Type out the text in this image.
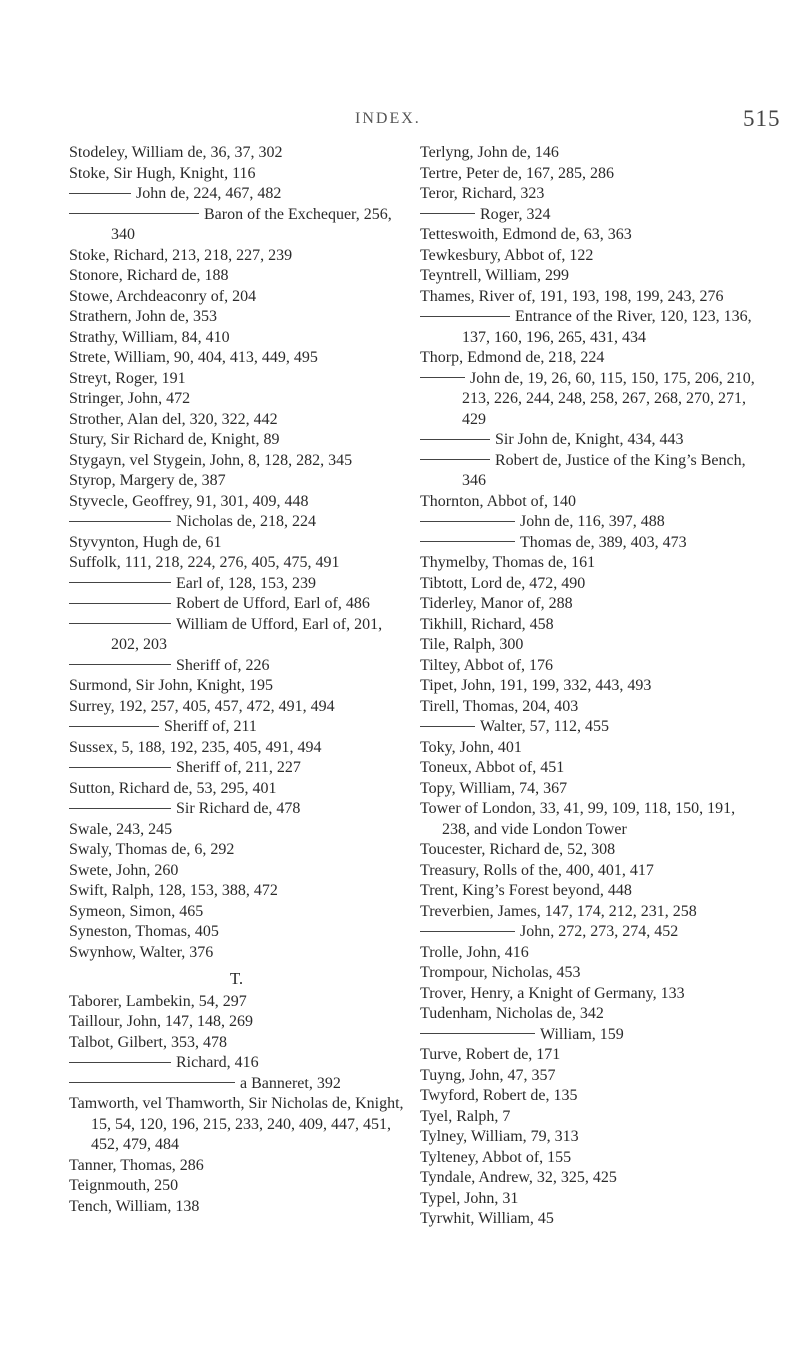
INDEX.	515
Stodeley, William de, 36, 37, 302
Stoke, Sir Hugh, Knight, 116
John de, 224, 467, 482
Baron of the Exchequer, 256, 340
Stoke, Richard, 213, 218, 227, 239
Stonore, Richard de, 188
Stowe, Archdeaconry of, 204
Strathern, John de, 353
Strathy, William, 84, 410
Strete, William, 90, 404, 413, 449, 495
Streyt, Roger, 191
Stringer, John, 472
Strother, Alan del, 320, 322, 442
Stury, Sir Richard de, Knight, 89
Stygayn, vel Stygein, John, 8, 128, 282, 345
Styrop, Margery de, 387
Styvecle, Geoffrey, 91, 301, 409, 448
Nicholas de, 218, 224
Styvynton, Hugh de, 61
Suffolk, 111, 218, 224, 276, 405, 475, 491
Earl of, 128, 153, 239
Robert de Ufford, Earl of, 486
William de Ufford, Earl of, 201, 202, 203
Sheriff of, 226
Surmond, Sir John, Knight, 195
Surrey, 192, 257, 405, 457, 472, 491, 494
Sheriff of, 211
Sussex, 5, 188, 192, 235, 405, 491, 494
Sheriff of, 211, 227
Sutton, Richard de, 53, 295, 401
Sir Richard de, 478
Swale, 243, 245
Swaly, Thomas de, 6, 292
Swete, John, 260
Swift, Ralph, 128, 153, 388, 472
Symeon, Simon, 465
Syneston, Thomas, 405
Swynhow, Walter, 376
T.
Taborer, Lambekin, 54, 297
Taillour, John, 147, 148, 269
Talbot, Gilbert, 353, 478
Richard, 416
a Banneret, 392
Tamworth, vel Thamworth, Sir Nicholas de, Knight, 15, 54, 120, 196, 215, 233, 240, 409, 447, 451, 452, 479, 484
Tanner, Thomas, 286
Teignmouth, 250
Tench, William, 138
Terlyng, John de, 146
Tertre, Peter de, 167, 285, 286
Teror, Richard, 323
Roger, 324
Tetteswoith, Edmond de, 63, 363
Tewkesbury, Abbot of, 122
Teyntrell, William, 299
Thames, River of, 191, 193, 198, 199, 243, 276
Entrance of the River, 120, 123, 136, 137, 160, 196, 265, 431, 434
Thorp, Edmond de, 218, 224
John de, 19, 26, 60, 115, 150, 175, 206, 210, 213, 226, 244, 248, 258, 267, 268, 270, 271, 429
Sir John de, Knight, 434, 443
Robert de, Justice of the King’s Bench, 346
Thornton, Abbot of, 140
John de, 116, 397, 488
Thomas de, 389, 403, 473
Thymelby, Thomas de, 161
Tibtott, Lord de, 472, 490
Tiderley, Manor of, 288
Tikhill, Richard, 458
Tile, Ralph, 300
Tiltey, Abbot of, 176
Tipet, John, 191, 199, 332, 443, 493
Tirell, Thomas, 204, 403
Walter, 57, 112, 455
Toky, John, 401
Toneux, Abbot of, 451
Topy, William, 74, 367
Tower of London, 33, 41, 99, 109, 118, 150, 191, 238, and vide London Tower
Toucester, Richard de, 52, 308
Treasury, Rolls of the, 400, 401, 417
Trent, King’s Forest beyond, 448
Treverbien, James, 147, 174, 212, 231, 258
John, 272, 273, 274, 452
Trolle, John, 416
Trompour, Nicholas, 453
Trover, Henry, a Knight of Germany, 133
Tudenham, Nicholas de, 342
William, 159
Turve, Robert de, 171
Tuyng, John, 47, 357
Twyford, Robert de, 135
Tyel, Ralph, 7
Tylney, William, 79, 313
Tylteney, Abbot of, 155
Tyndale, Andrew, 32, 325, 425
Typel, John, 31
Tyrwhit, William, 45
